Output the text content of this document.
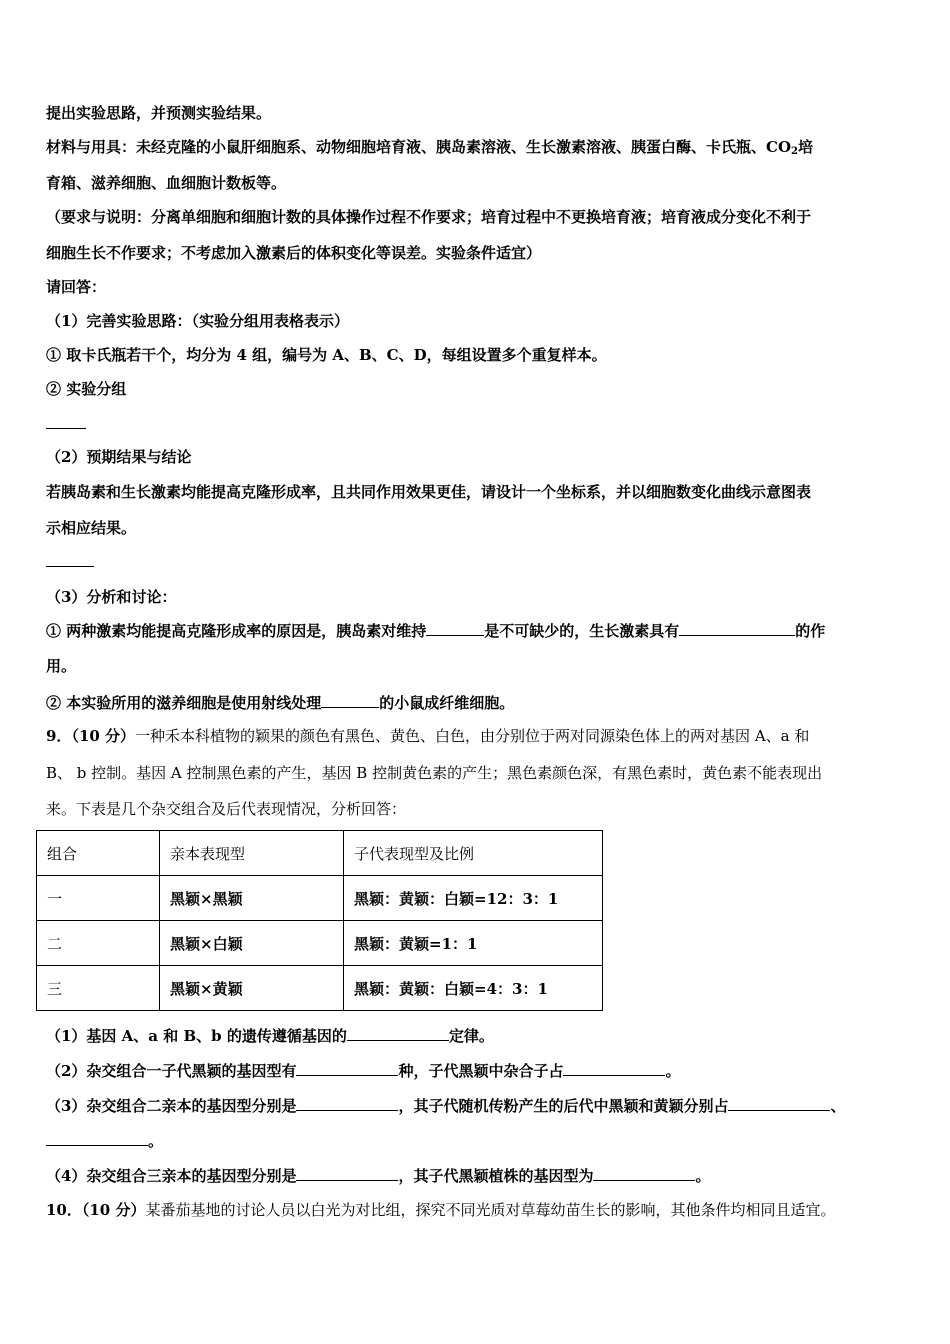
提出实验思路，并预测实验结果。
材料与用具：未经克隆的小鼠肝细胞系、动物细胞培育液、胰岛素溶液、生长激素溶液、胰蛋白酶、卡氏瓶、$CO_2$培
育箱、滋养细胞、血细胞计数板等。
（要求与说明：分离单细胞和细胞计数的具体操作过程不作要求；培育过程中不更换培育液；培育液成分变化不利于
细胞生长不作要求；不考虑加入激素后的体积变化等误差。实验条件适宜）
请回答：
（1）完善实验思路：（实验分组用表格表示）
① 取卡氏瓶若干个，均分为 4 组，编号为 A、B、C、D，每组设置多个重复样本。
② 实验分组
（2）预期结果与结论
若胰岛素和生长激素均能提高克隆形成率，且共同作用效果更佳，请设计一个坐标系，并以细胞数变化曲线示意图表
示相应结果。
（3）分析和讨论：
① 两种激素均能提高克隆形成率的原因是，胰岛素对维持	是不可缺少的，生长激素具有	的作
用。
② 本实验所用的滋养细胞是使用射线处理	的小鼠成纤维细胞。
9．（10 分）一种禾本科植物的颖果的颜色有黑色、黄色、白色，由分别位于两对同源染色体上的两对基因 A、a 和
B、 b 控制。基因 A 控制黑色素的产生，基因 B 控制黄色素的产生；黑色素颜色深，有黑色素时，黄色素不能表现出
来。下表是几个杂交组合及后代表现情况，分析回答：
组合	亲本表现型	子代表现型及比例
一	黑颖×黑颖	黑颖：黄颖：白颖=12：3：1
二	黑颖×白颖	黑颖：黄颖=1：1
三	黑颖×黄颖	黑颖：黄颖：白颖=4：3：1
（1）基因 A、a 和 B、b 的遗传遵循基因的	定律。
（2）杂交组合一子代黑颖的基因型有	种，子代黑颖中杂合子占	。
（3）杂交组合二亲本的基因型分别是	，其子代随机传粉产生的后代中黑颖和黄颖分别占	、
。
（4）杂交组合三亲本的基因型分别是	，其子代黑颖植株的基因型为	。
10．（10 分）某番茄基地的讨论人员以白光为对比组，探究不同光质对草莓幼苗生长的影响，其他条件均相同且适宜。
